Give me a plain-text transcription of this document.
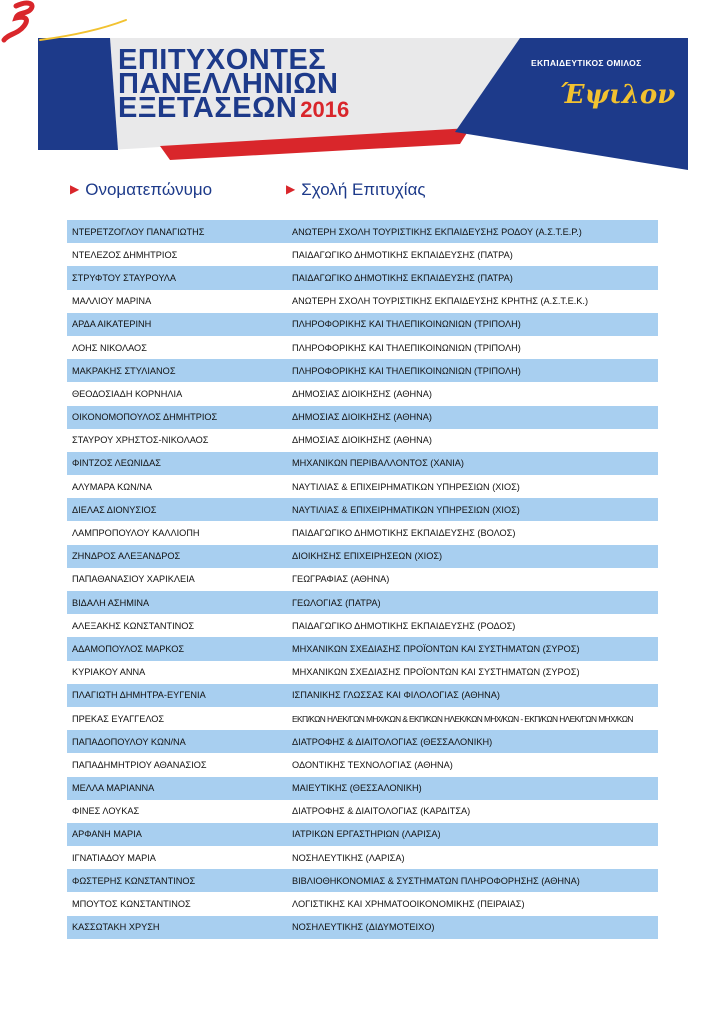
ΕΠΙΤΥΧΟΝΤΕΣ
ΠΑΝΕΛΛΗΝΙΩΝ
ΕΞΕΤΑΣΕΩΝ 2016
ΕΚΠΑΙΔΕΥΤΙΚΟΣ ΟΜΙΛΟΣ
Έψιλον
▶ Ονοματεπώνυμο	▶ Σχολή Επιτυχίας
ΝΤΕΡΕΤΖΟΓΛΟΥ ΠΑΝΑΓΙΩΤΗΣ	ΑΝΩΤΕΡΗ ΣΧΟΛΗ ΤΟΥΡΙΣΤΙΚΗΣ ΕΚΠΑΙΔΕΥΣΗΣ ΡΟΔΟΥ (Α.Σ.Τ.Ε.Ρ.)
ΝΤΕΛΕΖΟΣ ΔΗΜΗΤΡΙΟΣ	ΠΑΙΔΑΓΩΓΙΚΟ ΔΗΜΟΤΙΚΗΣ ΕΚΠΑΙΔΕΥΣΗΣ (ΠΑΤΡΑ)
ΣΤΡΥΦΤΟΥ ΣΤΑΥΡΟΥΛΑ	ΠΑΙΔΑΓΩΓΙΚΟ ΔΗΜΟΤΙΚΗΣ ΕΚΠΑΙΔΕΥΣΗΣ (ΠΑΤΡΑ)
ΜΑΛΛΙΟΥ ΜΑΡΙΝΑ	ΑΝΩΤΕΡΗ ΣΧΟΛΗ ΤΟΥΡΙΣΤΙΚΗΣ ΕΚΠΑΙΔΕΥΣΗΣ ΚΡΗΤΗΣ (Α.Σ.Τ.Ε.Κ.)
ΑΡΔΑ ΑΙΚΑΤΕΡΙΝΗ	ΠΛΗΡΟΦΟΡΙΚΗΣ ΚΑΙ ΤΗΛΕΠΙΚΟΙΝΩΝΙΩΝ (ΤΡΙΠΟΛΗ)
ΛΟΗΣ ΝΙΚΟΛΑΟΣ	ΠΛΗΡΟΦΟΡΙΚΗΣ ΚΑΙ ΤΗΛΕΠΙΚΟΙΝΩΝΙΩΝ (ΤΡΙΠΟΛΗ)
ΜΑΚΡΑΚΗΣ ΣΤΥΛΙΑΝΟΣ	ΠΛΗΡΟΦΟΡΙΚΗΣ ΚΑΙ ΤΗΛΕΠΙΚΟΙΝΩΝΙΩΝ (ΤΡΙΠΟΛΗ)
ΘΕΟΔΟΣΙΑΔΗ ΚΟΡΝΗΛΙΑ	ΔΗΜΟΣΙΑΣ ΔΙΟΙΚΗΣΗΣ (ΑΘΗΝΑ)
ΟΙΚΟΝΟΜΟΠΟΥΛΟΣ ΔΗΜΗΤΡΙΟΣ	ΔΗΜΟΣΙΑΣ ΔΙΟΙΚΗΣΗΣ (ΑΘΗΝΑ)
ΣΤΑΥΡΟΥ ΧΡΗΣΤΟΣ-ΝΙΚΟΛΑΟΣ	ΔΗΜΟΣΙΑΣ ΔΙΟΙΚΗΣΗΣ (ΑΘΗΝΑ)
ΦΙΝΤΖΟΣ ΛΕΩΝΙΔΑΣ	ΜΗΧΑΝΙΚΩΝ ΠΕΡΙΒΑΛΛΟΝΤΟΣ (ΧΑΝΙΑ)
ΑΛΥΜΑΡΑ ΚΩΝ/ΝΑ	ΝΑΥΤΙΛΙΑΣ & ΕΠΙΧΕΙΡΗΜΑΤΙΚΩΝ ΥΠΗΡΕΣΙΩΝ (ΧΙΟΣ)
ΔΙΕΛΑΣ ΔΙΟΝΥΣΙΟΣ	ΝΑΥΤΙΛΙΑΣ & ΕΠΙΧΕΙΡΗΜΑΤΙΚΩΝ ΥΠΗΡΕΣΙΩΝ (ΧΙΟΣ)
ΛΑΜΠΡΟΠΟΥΛΟΥ ΚΑΛΛΙΟΠΗ	ΠΑΙΔΑΓΩΓΙΚΟ ΔΗΜΟΤΙΚΗΣ ΕΚΠΑΙΔΕΥΣΗΣ (ΒΟΛΟΣ)
ΖΗΝΔΡΟΣ ΑΛΕΞΑΝΔΡΟΣ	ΔΙΟΙΚΗΣΗΣ ΕΠΙΧΕΙΡΗΣΕΩΝ (ΧΙΟΣ)
ΠΑΠΑΘΑΝΑΣΙΟΥ ΧΑΡΙΚΛΕΙΑ	ΓΕΩΓΡΑΦΙΑΣ (ΑΘΗΝΑ)
ΒΙΔΑΛΗ ΑΣΗΜΙΝΑ	ΓΕΩΛΟΓΙΑΣ (ΠΑΤΡΑ)
ΑΛΕΞΑΚΗΣ ΚΩΝΣΤΑΝΤΙΝΟΣ	ΠΑΙΔΑΓΩΓΙΚΟ ΔΗΜΟΤΙΚΗΣ ΕΚΠΑΙΔΕΥΣΗΣ (ΡΟΔΟΣ)
ΑΔΑΜΟΠΟΥΛΟΣ ΜΑΡΚΟΣ	ΜΗΧΑΝΙΚΩΝ ΣΧΕΔΙΑΣΗΣ ΠΡΟΪΟΝΤΩΝ ΚΑΙ ΣΥΣΤΗΜΑΤΩΝ (ΣΥΡΟΣ)
ΚΥΡΙΑΚΟΥ ΑΝΝΑ	ΜΗΧΑΝΙΚΩΝ ΣΧΕΔΙΑΣΗΣ ΠΡΟΪΟΝΤΩΝ ΚΑΙ ΣΥΣΤΗΜΑΤΩΝ (ΣΥΡΟΣ)
ΠΛΑΓΙΩΤΗ ΔΗΜΗΤΡΑ-ΕΥΓΕΝΙΑ	ΙΣΠΑΝΙΚΗΣ ΓΛΩΣΣΑΣ ΚΑΙ ΦΙΛΟΛΟΓΙΑΣ (ΑΘΗΝΑ)
ΠΡΕΚΑΣ ΕΥΑΓΓΕΛΟΣ	ΕΚΠ/ΚΩΝ ΗΛΕΚ/ΓΩΝ ΜΗΧ/ΚΩΝ & ΕΚΠ/ΚΩΝ ΗΛΕΚ/ΚΩΝ ΜΗΧ/ΚΩΝ - ΕΚΠ/ΚΩΝ ΗΛΕΚ/ΓΩΝ ΜΗΧ/ΚΩΝ
ΠΑΠΑΔΟΠΟΥΛΟΥ ΚΩΝ/ΝΑ	ΔΙΑΤΡΟΦΗΣ & ΔΙΑΙΤΟΛΟΓΙΑΣ (ΘΕΣΣΑΛΟΝΙΚΗ)
ΠΑΠΑΔΗΜΗΤΡΙΟΥ ΑΘΑΝΑΣΙΟΣ	ΟΔΟΝΤΙΚΗΣ ΤΕΧΝΟΛΟΓΙΑΣ (ΑΘΗΝΑ)
ΜΕΛΛΑ ΜΑΡΙΑΝΝΑ	ΜΑΙΕΥΤΙΚΗΣ (ΘΕΣΣΑΛΟΝΙΚΗ)
ΦΙΝΕΣ ΛΟΥΚΑΣ	ΔΙΑΤΡΟΦΗΣ & ΔΙΑΙΤΟΛΟΓΙΑΣ (ΚΑΡΔΙΤΣΑ)
ΑΡΦΑΝΗ ΜΑΡΙΑ	ΙΑΤΡΙΚΩΝ ΕΡΓΑΣΤΗΡΙΩΝ (ΛΑΡΙΣΑ)
ΙΓΝΑΤΙΑΔΟΥ ΜΑΡΙΑ	ΝΟΣΗΛΕΥΤΙΚΗΣ (ΛΑΡΙΣΑ)
ΦΩΣΤΕΡΗΣ ΚΩΝΣΤΑΝΤΙΝΟΣ	ΒΙΒΛΙΟΘΗΚΟΝΟΜΙΑΣ & ΣΥΣΤΗΜΑΤΩΝ ΠΛΗΡΟΦΟΡΗΣΗΣ (ΑΘΗΝΑ)
ΜΠΟΥΤΟΣ ΚΩΝΣΤΑΝΤΙΝΟΣ	ΛΟΓΙΣΤΙΚΗΣ ΚΑΙ ΧΡΗΜΑΤΟΟΙΚΟΝΟΜΙΚΗΣ (ΠΕΙΡΑΙΑΣ)
ΚΑΣΣΩΤΑΚΗ ΧΡΥΣΗ	ΝΟΣΗΛΕΥΤΙΚΗΣ (ΔΙΔΥΜΟΤΕΙΧΟ)
